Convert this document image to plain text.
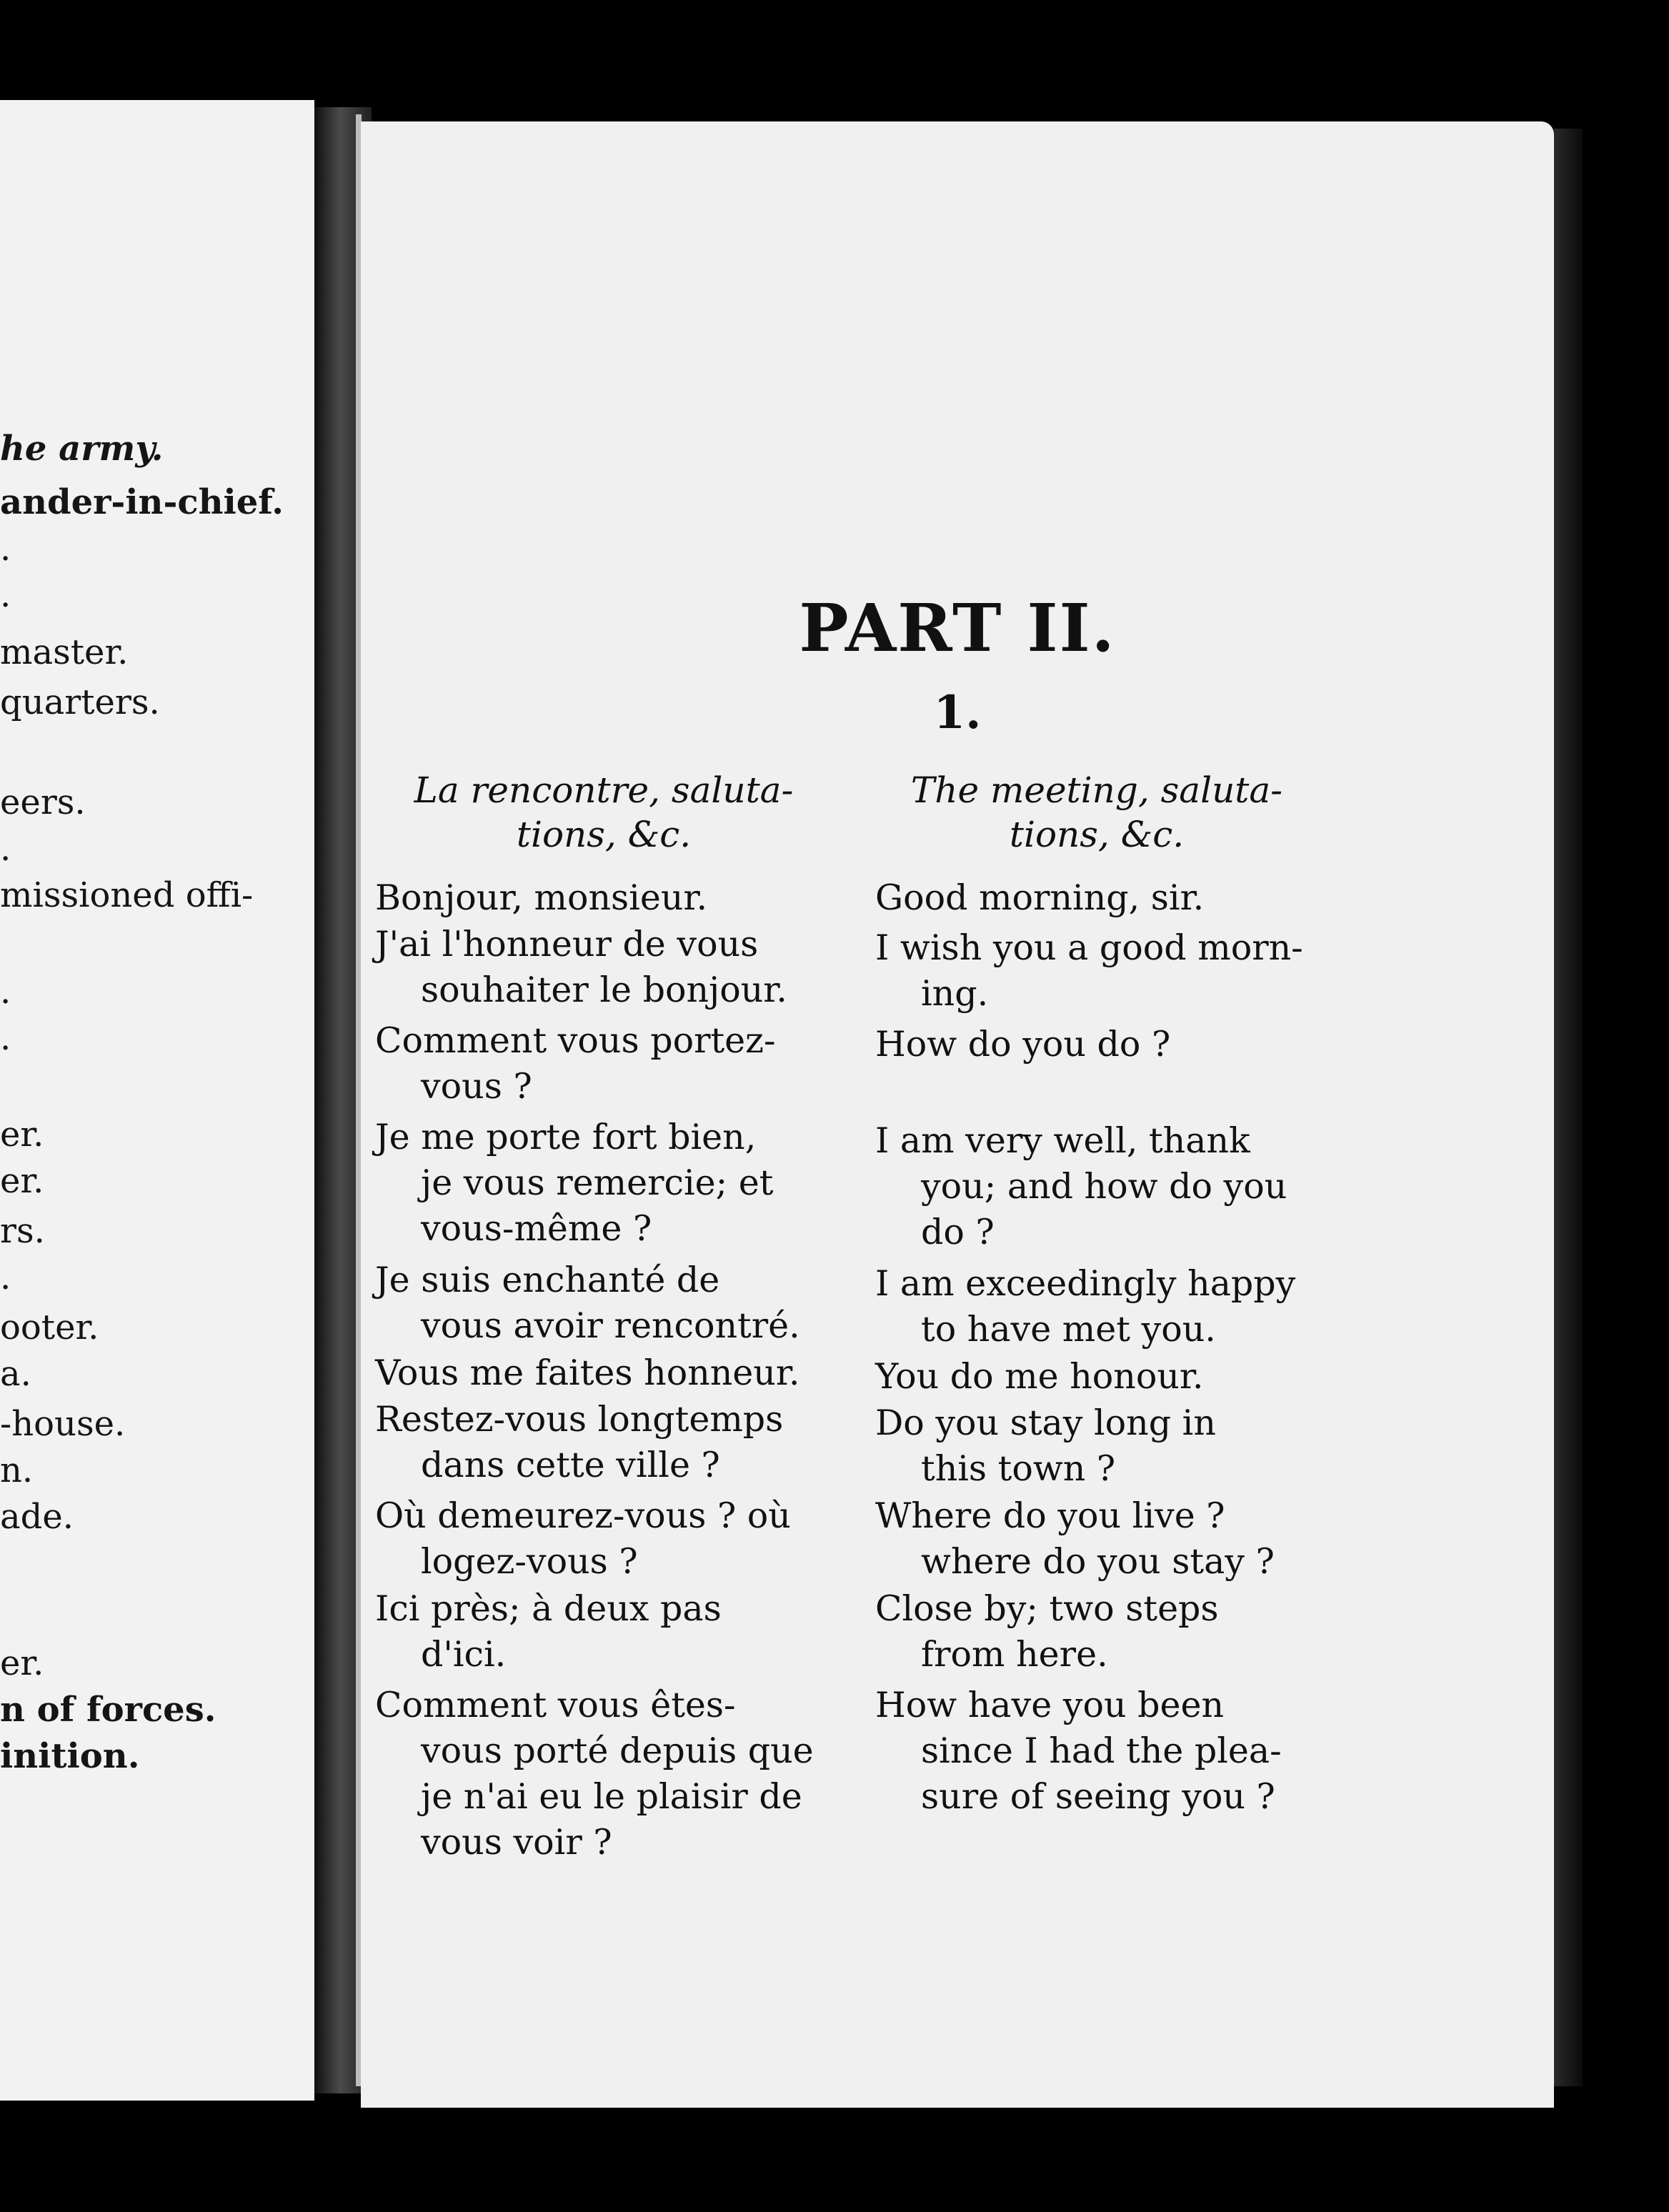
he army.
ander-in-chief.
.
.
master.
quarters.
eers.
.
missioned offi-
.
.
er.
er.
rs.
.
ooter.
a.
-house.
n.
ade.
er.
n of forces.
inition.
PART II.
1.
La rencontre, saluta-
tions, &c.
The meeting, saluta-
tions, &c.
Bonjour, monsieur.	Good morning, sir.
J'ai l'honneur de vous
souhaiter le bonjour.
I wish you a good morn-
ing.
Comment vous portez-
vous ?
How do you do ?
Je me porte fort bien,
je vous remercie; et
vous-même ?
I am very well, thank
you; and how do you
do ?
Je suis enchanté de
vous avoir rencontré.
I am exceedingly happy
to have met you.
Vous me faites honneur. You do me honour.
Restez-vous longtemps
dans cette ville ?
Do you stay long in
this town ?
Où demeurez-vous ? où
logez-vous ?
Where do you live ?
where do you stay ?
Ici près; à deux pas
d'ici.
Close by; two steps
from here.
Comment vous êtes-
vous porté depuis que
je n'ai eu le plaisir de
vous voir ?
How have you been
since I had the plea-
sure of seeing you ?
